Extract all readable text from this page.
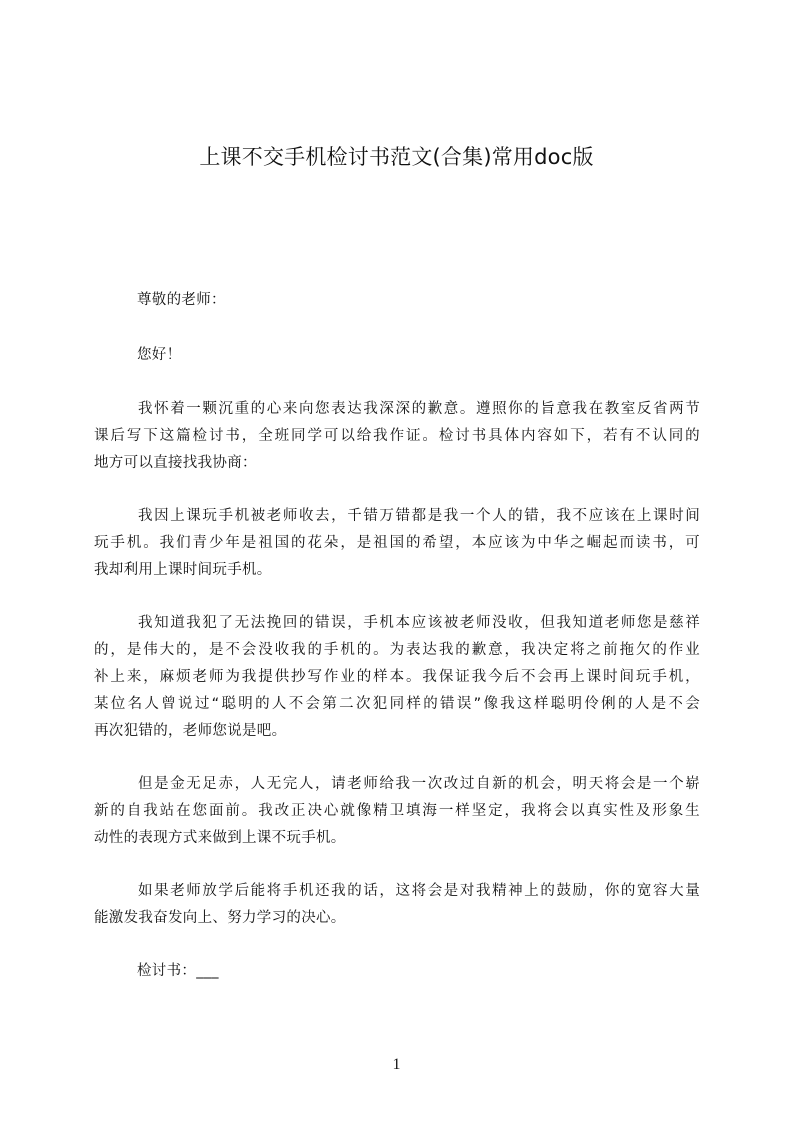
上课不交手机检讨书范文(合集)常用doc版
尊敬的老师：
您好！
我怀着一颗沉重的心来向您表达我深深的歉意。遵照你的旨意我在教室反省两节
课后写下这篇检讨书，全班同学可以给我作证。检讨书具体内容如下，若有不认同的
地方可以直接找我协商：
我因上课玩手机被老师收去，千错万错都是我一个人的错，我不应该在上课时间
玩手机。我们青少年是祖国的花朵，是祖国的希望，本应该为中华之崛起而读书，可
我却利用上课时间玩手机。
我知道我犯了无法挽回的错误，手机本应该被老师没收，但我知道老师您是慈祥
的，是伟大的，是不会没收我的手机的。为表达我的歉意，我决定将之前拖欠的作业
补上来，麻烦老师为我提供抄写作业的样本。我保证我今后不会再上课时间玩手机，
某位名人曾说过“聪明的人不会第二次犯同样的错误”像我这样聪明伶俐的人是不会
再次犯错的，老师您说是吧。
但是金无足赤，人无完人，请老师给我一次改过自新的机会，明天将会是一个崭
新的自我站在您面前。我改正决心就像精卫填海一样坚定，我将会以真实性及形象生
动性的表现方式来做到上课不玩手机。
如果老师放学后能将手机还我的话，这将会是对我精神上的鼓励，你的宽容大量
能激发我奋发向上、努力学习的决心。
检讨书：___
1
